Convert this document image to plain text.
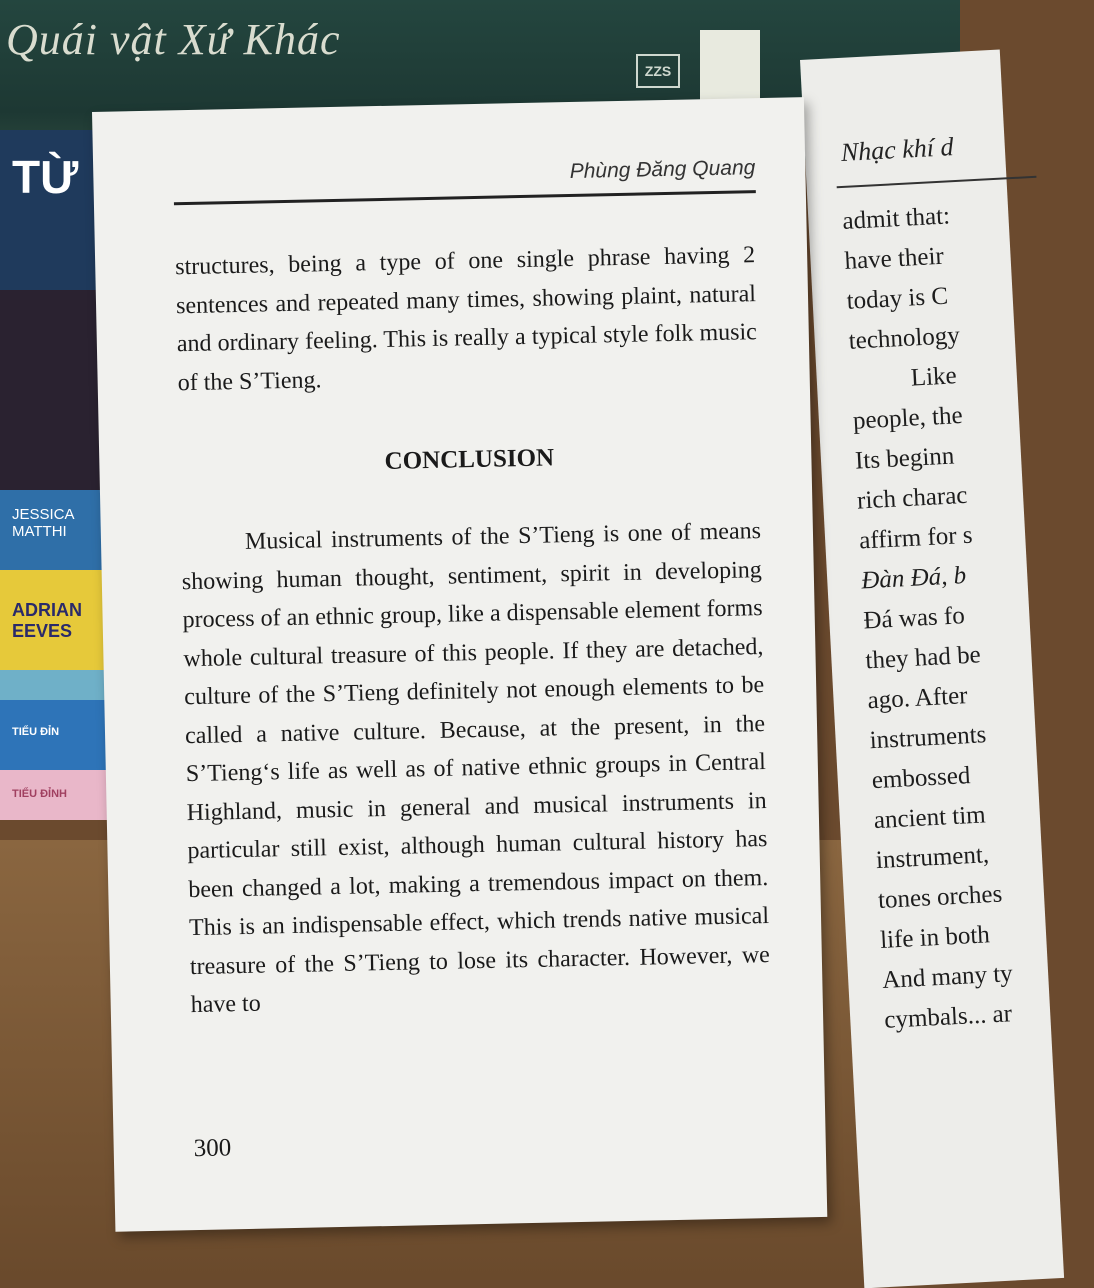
Quái vật Xứ Khác
ZZS
TỪ
JESSICA MATTHI
ADRIAN EEVES
TIỂU ĐỈN
TIỂU ĐỈNH
Nhạc khí d
admit that:
have their
today is C
technology
Like
people, the
Its beginn
rich charac
affirm for s
Đàn Đá, b
Đá was fo
they had be
ago. After
instruments
embossed
ancient tim
instrument,
tones orches
life in both
And many ty
cymbals... ar
Phùng Đăng Quang

structures, being a type of one single phrase having 2 sentences and repeated many times, showing plaint, natural and ordinary feeling. This is really a typical style folk music of the S’Tieng.

CONCLUSION

Musical instruments of the S’Tieng is one of means showing human thought, sentiment, spirit in developing process of an ethnic group, like a dispensable element forms whole cultural treasure of this people. If they are detached, culture of the S’Tieng definitely not enough elements to be called a native culture. Because, at the present, in the S’Tieng‘s life as well as of native ethnic groups in Central Highland, music in general and musical instruments in particular still exist, although human cultural history has been changed a lot, making a tremendous impact on them. This is an indispensable effect, which trends native musical treasure of the S’Tieng to lose its character. However, we have to

300
